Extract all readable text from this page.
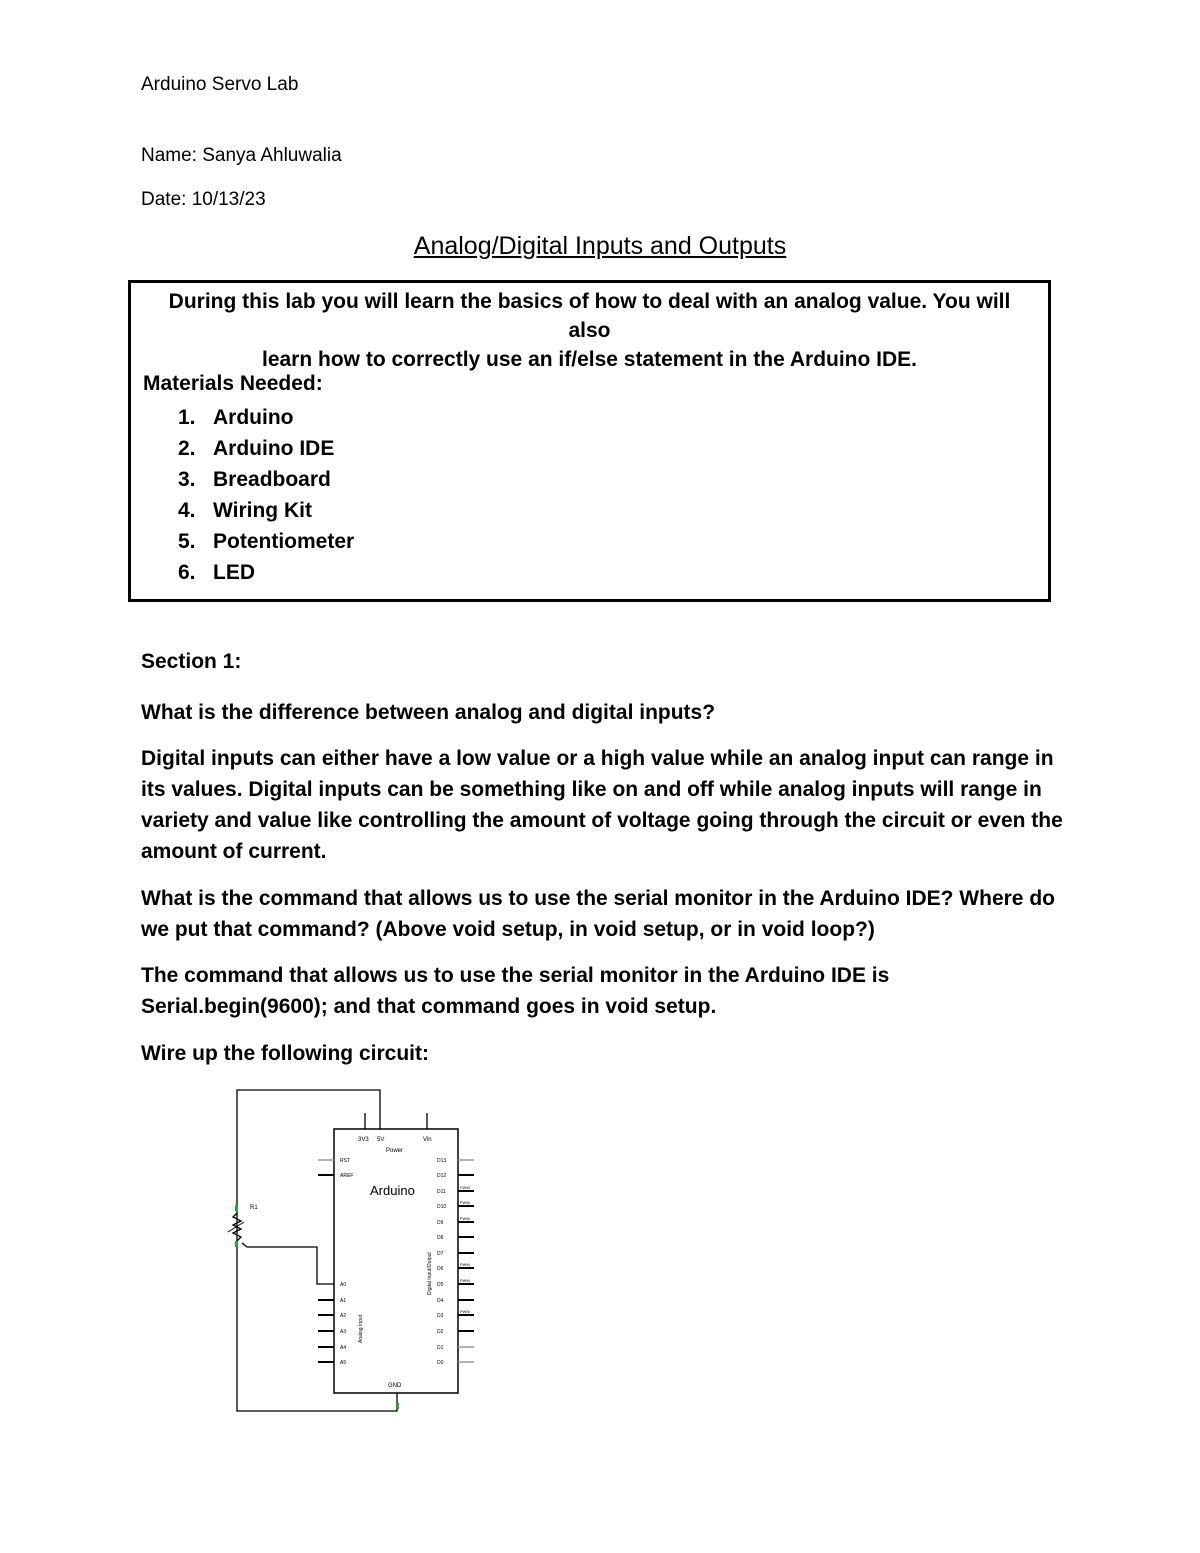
Arduino Servo Lab
Name: Sanya Ahluwalia
Date: 10/13/23
Analog/Digital Inputs and Outputs
During this lab you will learn the basics of how to deal with an analog value. You will also
learn how to correctly use an if/else statement in the Arduino IDE.
Materials Needed:
1. Arduino
2. Arduino IDE
3. Breadboard
4. Wiring Kit
5. Potentiometer
6. LED
Section 1:

What is the difference between analog and digital inputs?

Digital inputs can either have a low value or a high value while an analog input can range in its values. Digital inputs can be something like on and off while analog inputs will range in variety and value like controlling the amount of voltage going through the circuit or even the amount of current.

What is the command that allows us to use the serial monitor in the Arduino IDE? Where do we put that command? (Above void setup, in void setup, or in void loop?)

The command that allows us to use the serial monitor in the Arduino IDE is Serial.begin(9600); and that command goes in void setup.

Wire up the following circuit:

R1
3V3 5V	Vin
Power
Arduino
RST
AREF
A0
A1
A2
A3
A4
A5
Analog Input
D13
D12
D11
D10
D9
D8
D7
D6
D5
D4
D3
D2
D1
D0
PWM
PWM
PWM
PWM
PWM
PWM
Digital Input/Output
GND
